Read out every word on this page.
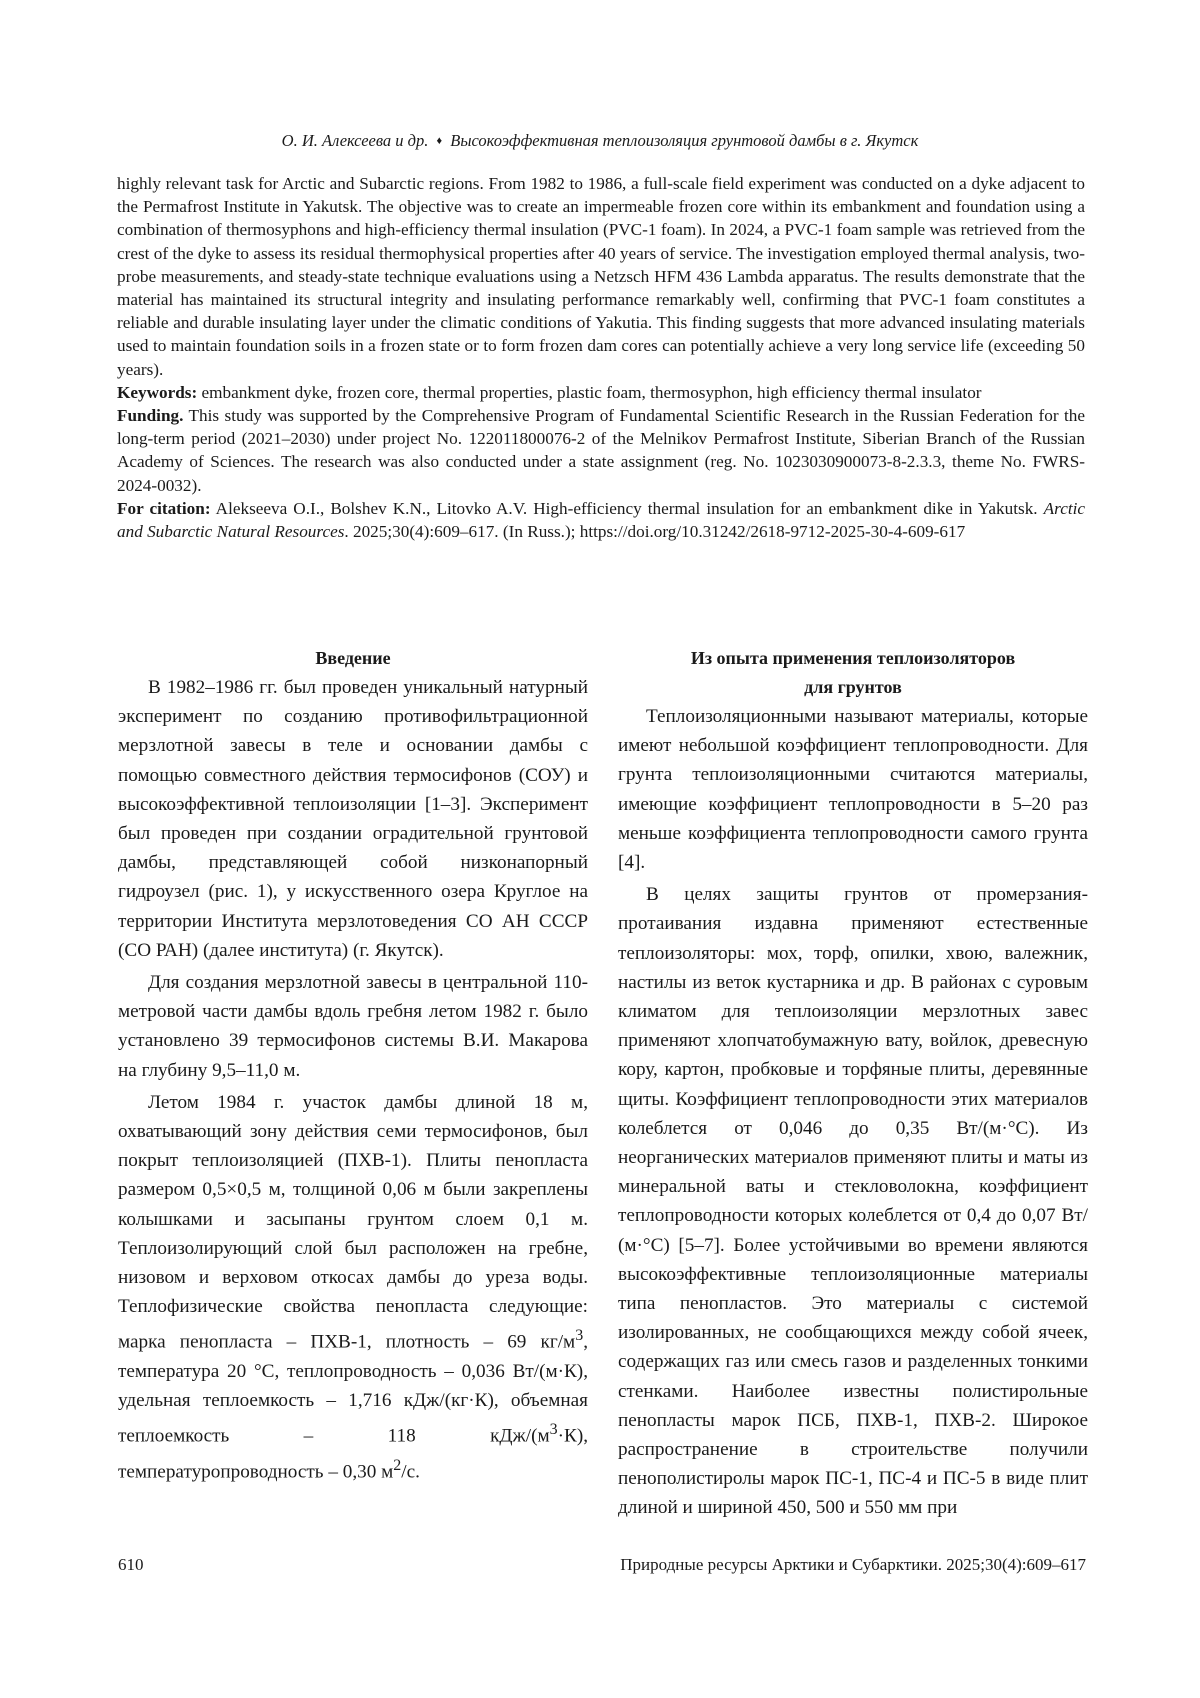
О. И. Алексеева и др. ♦ Высокоэффективная теплоизоляция грунтовой дамбы в г. Якутск

highly relevant task for Arctic and Subarctic regions. From 1982 to 1986, a full-scale field experiment was conducted on a dyke adjacent to the Permafrost Institute in Yakutsk. The objective was to create an impermeable frozen core within its embankment and foundation using a combination of thermosyphons and high-efficiency thermal insulation (PVC-1 foam). In 2024, a PVC-1 foam sample was retrieved from the crest of the dyke to assess its residual thermophysical properties after 40 years of service. The investigation employed thermal analysis, two-probe measurements, and steady-state technique evaluations using a Netzsch HFM 436 Lambda apparatus. The results demonstrate that the material has maintained its structural integrity and insulating performance remarkably well, confirming that PVC-1 foam constitutes a reliable and durable insulating layer under the climatic conditions of Yakutia. This finding suggests that more advanced insulating materials used to maintain foundation soils in a frozen state or to form frozen dam cores can potentially achieve a very long service life (exceeding 50 years).

Keywords: embankment dyke, frozen core, thermal properties, plastic foam, thermosyphon, high efficiency thermal insulator

Funding. This study was supported by the Comprehensive Program of Fundamental Scientific Research in the Russian Federation for the long-term period (2021–2030) under project No. 122011800076-2 of the Melnikov Permafrost Institute, Siberian Branch of the Russian Academy of Sciences. The research was also conducted under a state assignment (reg. No. 1023030900073-8-2.3.3, theme No. FWRS-2024-0032).

For citation: Alekseeva O.I., Bolshev K.N., Litovko A.V. High-efficiency thermal insulation for an embankment dike in Yakutsk. Arctic and Subarctic Natural Resources. 2025;30(4):609–617. (In Russ.); https://doi.org/10.31242/2618-9712-2025-30-4-609-617

Введение

В 1982–1986 гг. был проведен уникальный натурный эксперимент по созданию противофильтрационной мерзлотной завесы в теле и основании дамбы с помощью совместного действия термосифонов (СОУ) и высокоэффективной теплоизоляции [1–3]. Эксперимент был проведен при создании оградительной грунтовой дамбы, представляющей собой низконапорный гидроузел (рис. 1), у искусственного озера Круглое на территории Института мерзлотоведения СО АН СССР (СО РАН) (далее института) (г. Якутск).

Для создания мерзлотной завесы в центральной 110-метровой части дамбы вдоль гребня летом 1982 г. было установлено 39 термосифонов системы В.И. Макарова на глубину 9,5–11,0 м.

Летом 1984 г. участок дамбы длиной 18 м, охватывающий зону действия семи термосифонов, был покрыт теплоизоляцией (ПХВ-1). Плиты пенопласта размером 0,5×0,5 м, толщиной 0,06 м были закреплены колышками и засыпаны грунтом слоем 0,1 м. Теплоизолирующий слой был расположен на гребне, низовом и верховом откосах дамбы до уреза воды. Теплофизические свойства пенопласта следующие: марка пенопласта – ПХВ-1, плотность – 69 $кг/м^3$, температура 20 °С, теплопроводность – 0,036 Вт/(м·К), удельная теплоемкость – 1,716 кДж/(кг·К), объемная теплоемкость – 118 кДж/$(м^3\cdot К)$, температуропроводность – 0,30 $м^2/с$.

Из опыта применения теплоизоляторов
для грунтов

Теплоизоляционными называют материалы, которые имеют небольшой коэффициент теплопроводности. Для грунта теплоизоляционными считаются материалы, имеющие коэффициент теплопроводности в 5–20 раз меньше коэффициента теплопроводности самого грунта [4].

В целях защиты грунтов от промерзания-протаивания издавна применяют естественные теплоизоляторы: мох, торф, опилки, хвою, валежник, настилы из веток кустарника и др. В районах с суровым климатом для теплоизоляции мерзлотных завес применяют хлопчатобумажную вату, войлок, древесную кору, картон, пробковые и торфяные плиты, деревянные щиты. Коэффициент теплопроводности этих материалов колеблется от 0,046 до 0,35 Вт/(м·°С). Из неорганических материалов применяют плиты и маты из минеральной ваты и стекловолокна, коэффициент теплопроводности которых колеблется от 0,4 до 0,07 Вт/ (м·°С) [5–7]. Более устойчивыми во времени являются высокоэффективные теплоизоляционные материалы типа пенопластов. Это материалы с системой изолированных, не сообщающихся между собой ячеек, содержащих газ или смесь газов и разделенных тонкими стенками. Наиболее известны полистирольные пенопласты марок ПСБ, ПХВ-1, ПХВ-2. Широкое распространение в строительстве получили пенополистиролы марок ПС-1, ПС-4 и ПС-5 в виде плит длиной и шириной 450, 500 и 550 мм при

610	Природные ресурсы Арктики и Субарктики. 2025;30(4):609–617
